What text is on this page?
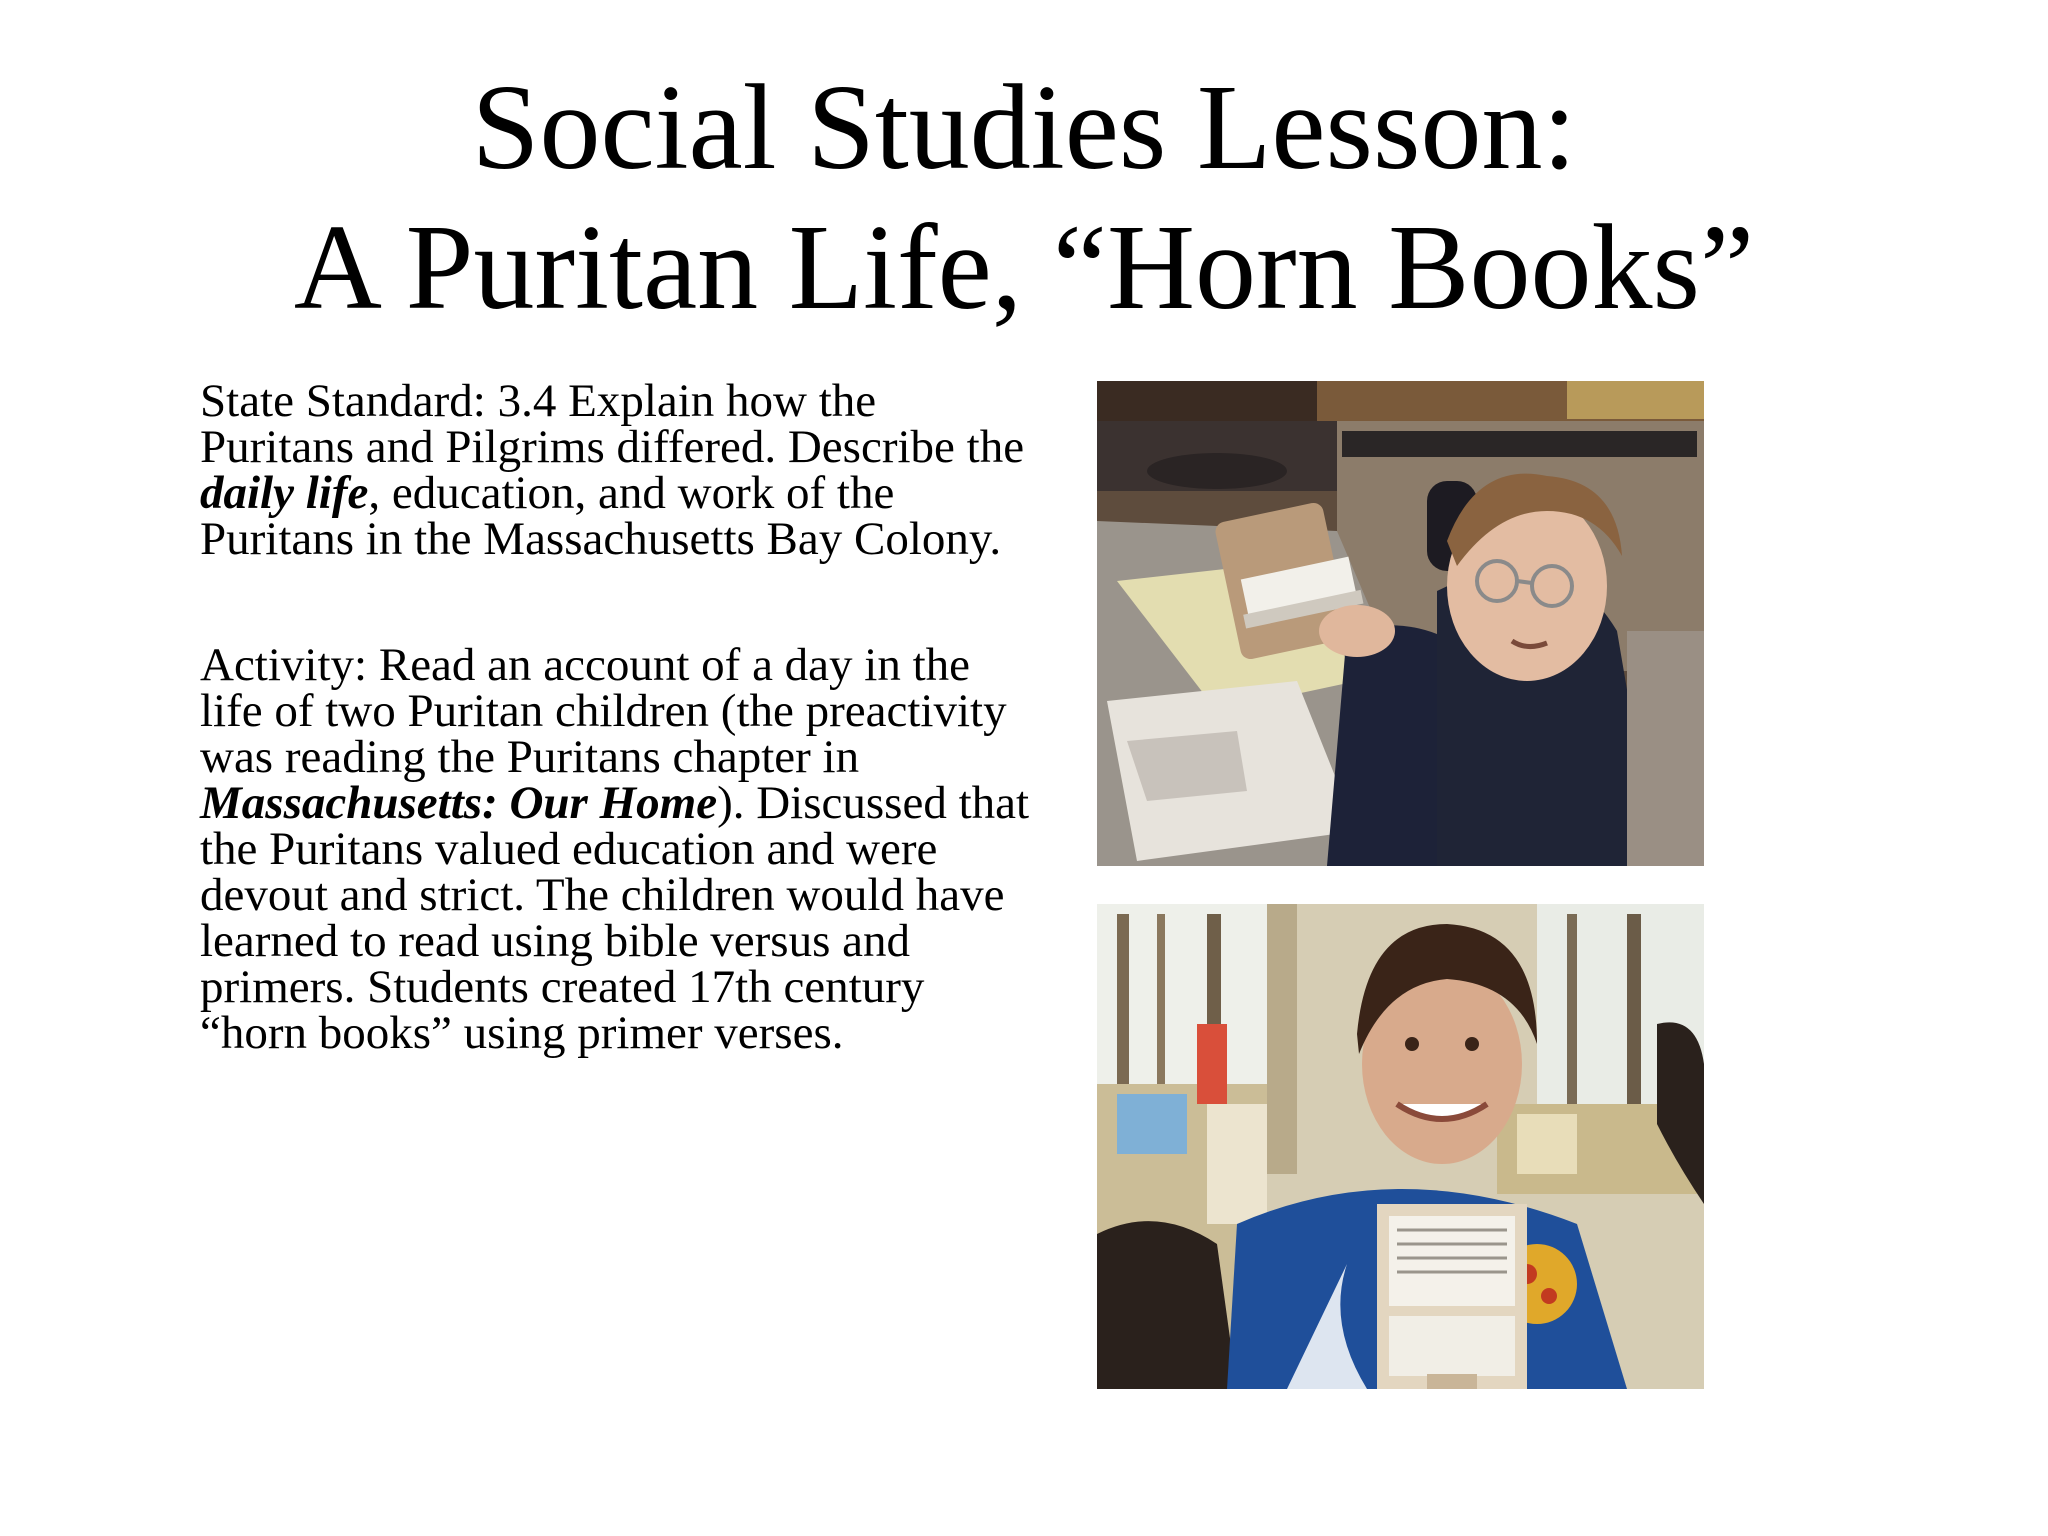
Social Studies Lesson:
A Puritan Life, “Horn Books”

State Standard: 3.4 Explain how the Puritans and Pilgrims differed. Describe the daily life, education, and work of the Puritans in the Massachusetts Bay Colony.

Activity: Read an account of a day in the life of two Puritan children (the preactivity was reading the Puritans chapter in Massachusetts: Our Home). Discussed that the Puritans valued education and were devout and strict. The children would have learned to read using bible versus and primers. Students created 17th century “horn books” using primer verses.
